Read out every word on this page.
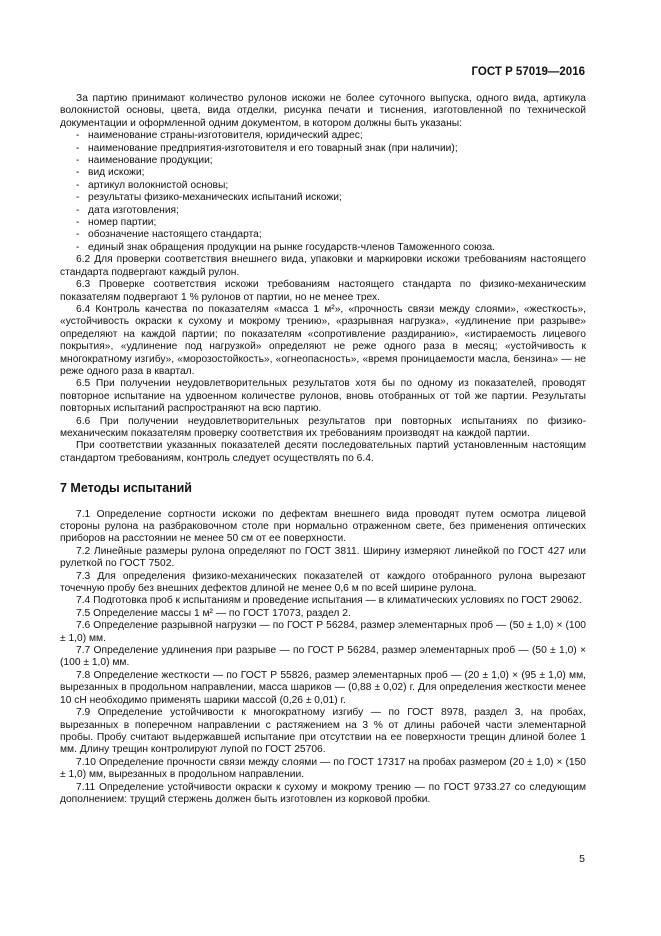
ГОСТ Р 57019—2016

За партию принимают количество рулонов искожи не более суточного выпуска, одного вида, артикула волокнистой основы, цвета, вида отделки, рисунка печати и тиснения, изготовленной по технической документации и оформленной одним документом, в котором должны быть указаны:

- наименование страны-изготовителя, юридический адрес;
- наименование предприятия-изготовителя и его товарный знак (при наличии);
- наименование продукции;
- вид искожи;
- артикул волокнистой основы;
- результаты физико-механических испытаний искожи;
- дата изготовления;
- номер партии;
- обозначение настоящего стандарта;
- единый знак обращения продукции на рынке государств-членов Таможенного союза.

6.2 Для проверки соответствия внешнего вида, упаковки и маркировки искожи требованиям настоящего стандарта подвергают каждый рулон.

6.3 Проверке соответствия искожи требованиям настоящего стандарта по физико-механическим показателям подвергают 1 % рулонов от партии, но не менее трех.

6.4 Контроль качества по показателям «масса 1 м²», «прочность связи между слоями», «жесткость», «устойчивость окраски к сухому и мокрому трению», «разрывная нагрузка», «удлинение при разрыве» определяют на каждой партии; по показателям «сопротивление раздиранию», «истираемость лицевого покрытия», «удлинение под нагрузкой» определяют не реже одного раза в месяц; «устойчивость к многократному изгибу», «морозостойкость», «огнеопасность», «время проницаемости масла, бензина» — не реже одного раза в квартал.

6.5 При получении неудовлетворительных результатов хотя бы по одному из показателей, проводят повторное испытание на удвоенном количестве рулонов, вновь отобранных от той же партии. Результаты повторных испытаний распространяют на всю партию.

6.6 При получении неудовлетворительных результатов при повторных испытаниях по физико-механическим показателям проверку соответствия их требованиям производят на каждой партии.

При соответствии указанных показателей десяти последовательных партий установленным настоящим стандартом требованиям, контроль следует осуществлять по 6.4.

7 Методы испытаний

7.1 Определение сортности искожи по дефектам внешнего вида проводят путем осмотра лицевой стороны рулона на разбраковочном столе при нормально отраженном свете, без применения оптических приборов на расстоянии не менее 50 см от ее поверхности.

7.2 Линейные размеры рулона определяют по ГОСТ 3811. Ширину измеряют линейкой по ГОСТ 427 или рулеткой по ГОСТ 7502.

7.3 Для определения физико-механических показателей от каждого отобранного рулона вырезают точечную пробу без внешних дефектов длиной не менее 0,6 м по всей ширине рулона.

7.4 Подготовка проб к испытаниям и проведение испытания — в климатических условиях по ГОСТ 29062.

7.5 Определение массы 1 м² — по ГОСТ 17073, раздел 2.

7.6 Определение разрывной нагрузки — по ГОСТ Р 56284, размер элементарных проб — (50 ± 1,0) × (100 ± 1,0) мм.

7.7 Определение удлинения при разрыве — по ГОСТ Р 56284, размер элементарных проб — (50 ± 1,0) × (100 ± 1,0) мм.

7.8 Определение жесткости — по ГОСТ Р 55826, размер элементарных проб — (20 ± 1,0) × (95 ± 1,0) мм, вырезанных в продольном направлении, масса шариков — (0,88 ± 0,02) г. Для определения жесткости менее 10 сН необходимо применять шарики массой (0,26 ± 0,01) г.

7.9 Определение устойчивости к многократному изгибу — по ГОСТ 8978, раздел 3, на пробах, вырезанных в поперечном направлении с растяжением на 3 % от длины рабочей части элементарной пробы. Пробу считают выдержавшей испытание при отсутствии на ее поверхности трещин длиной более 1 мм. Длину трещин контролируют лупой по ГОСТ 25706.

7.10 Определение прочности связи между слоями — по ГОСТ 17317 на пробах размером (20 ± 1,0) × (150 ± 1,0) мм, вырезанных в продольном направлении.

7.11 Определение устойчивости окраски к сухому и мокрому трению — по ГОСТ 9733.27 со следующим дополнением: трущий стержень должен быть изготовлен из корковой пробки.

5
